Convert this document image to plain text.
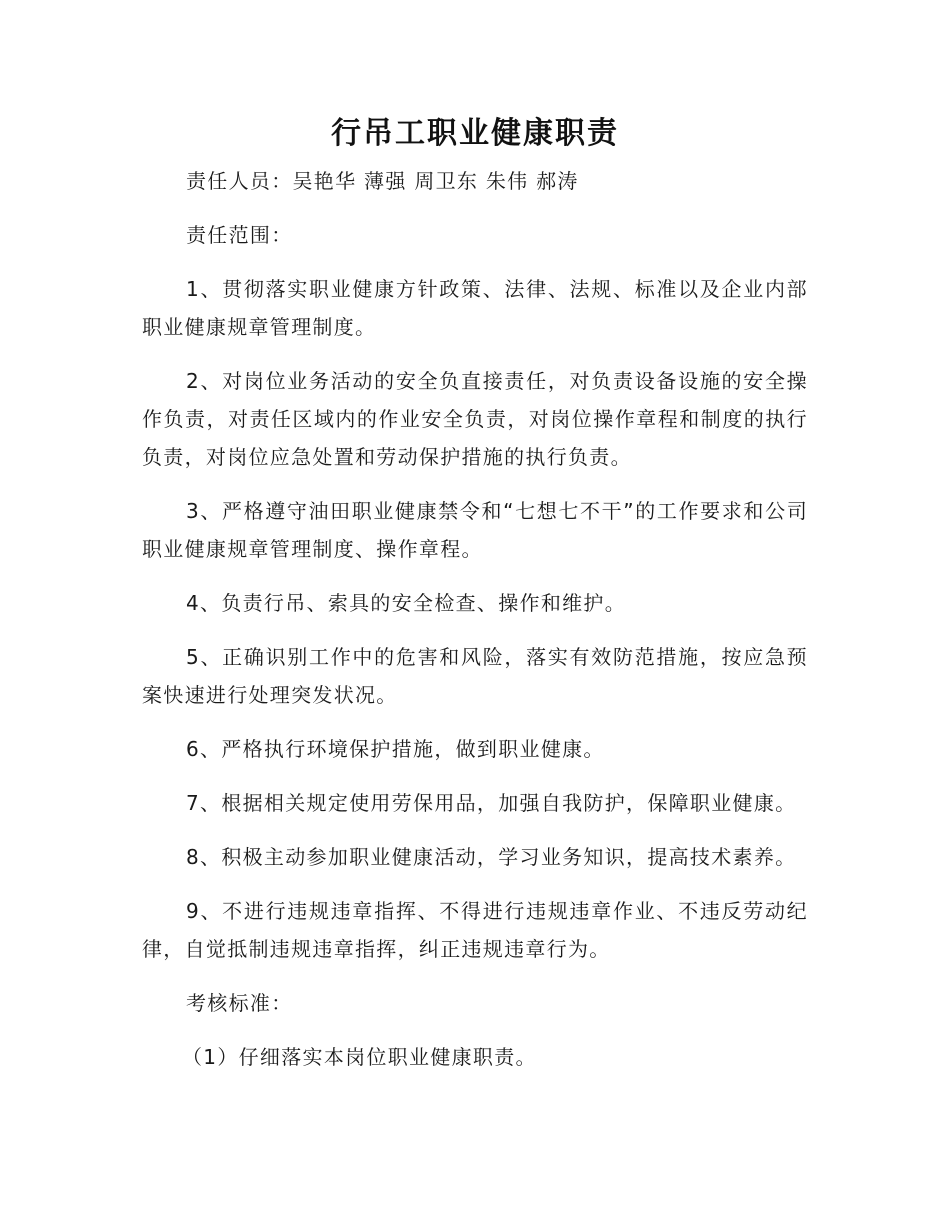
行吊工职业健康职责

责任人员：吴艳华 薄强 周卫东 朱伟 郝涛

责任范围：

1、贯彻落实职业健康方针政策、法律、法规、标准以及企业内部职业健康规章管理制度。

2、对岗位业务活动的安全负直接责任，对负责设备设施的安全操作负责，对责任区域内的作业安全负责，对岗位操作章程和制度的执行负责，对岗位应急处置和劳动保护措施的执行负责。

3、严格遵守油田职业健康禁令和“七想七不干”的工作要求和公司职业健康规章管理制度、操作章程。

4、负责行吊、索具的安全检查、操作和维护。

5、正确识别工作中的危害和风险，落实有效防范措施，按应急预案快速进行处理突发状况。

6、严格执行环境保护措施，做到职业健康。

7、根据相关规定使用劳保用品，加强自我防护，保障职业健康。

8、积极主动参加职业健康活动，学习业务知识，提高技术素养。

9、不进行违规违章指挥、不得进行违规违章作业、不违反劳动纪律，自觉抵制违规违章指挥，纠正违规违章行为。

考核标准：

（1）仔细落实本岗位职业健康职责。
